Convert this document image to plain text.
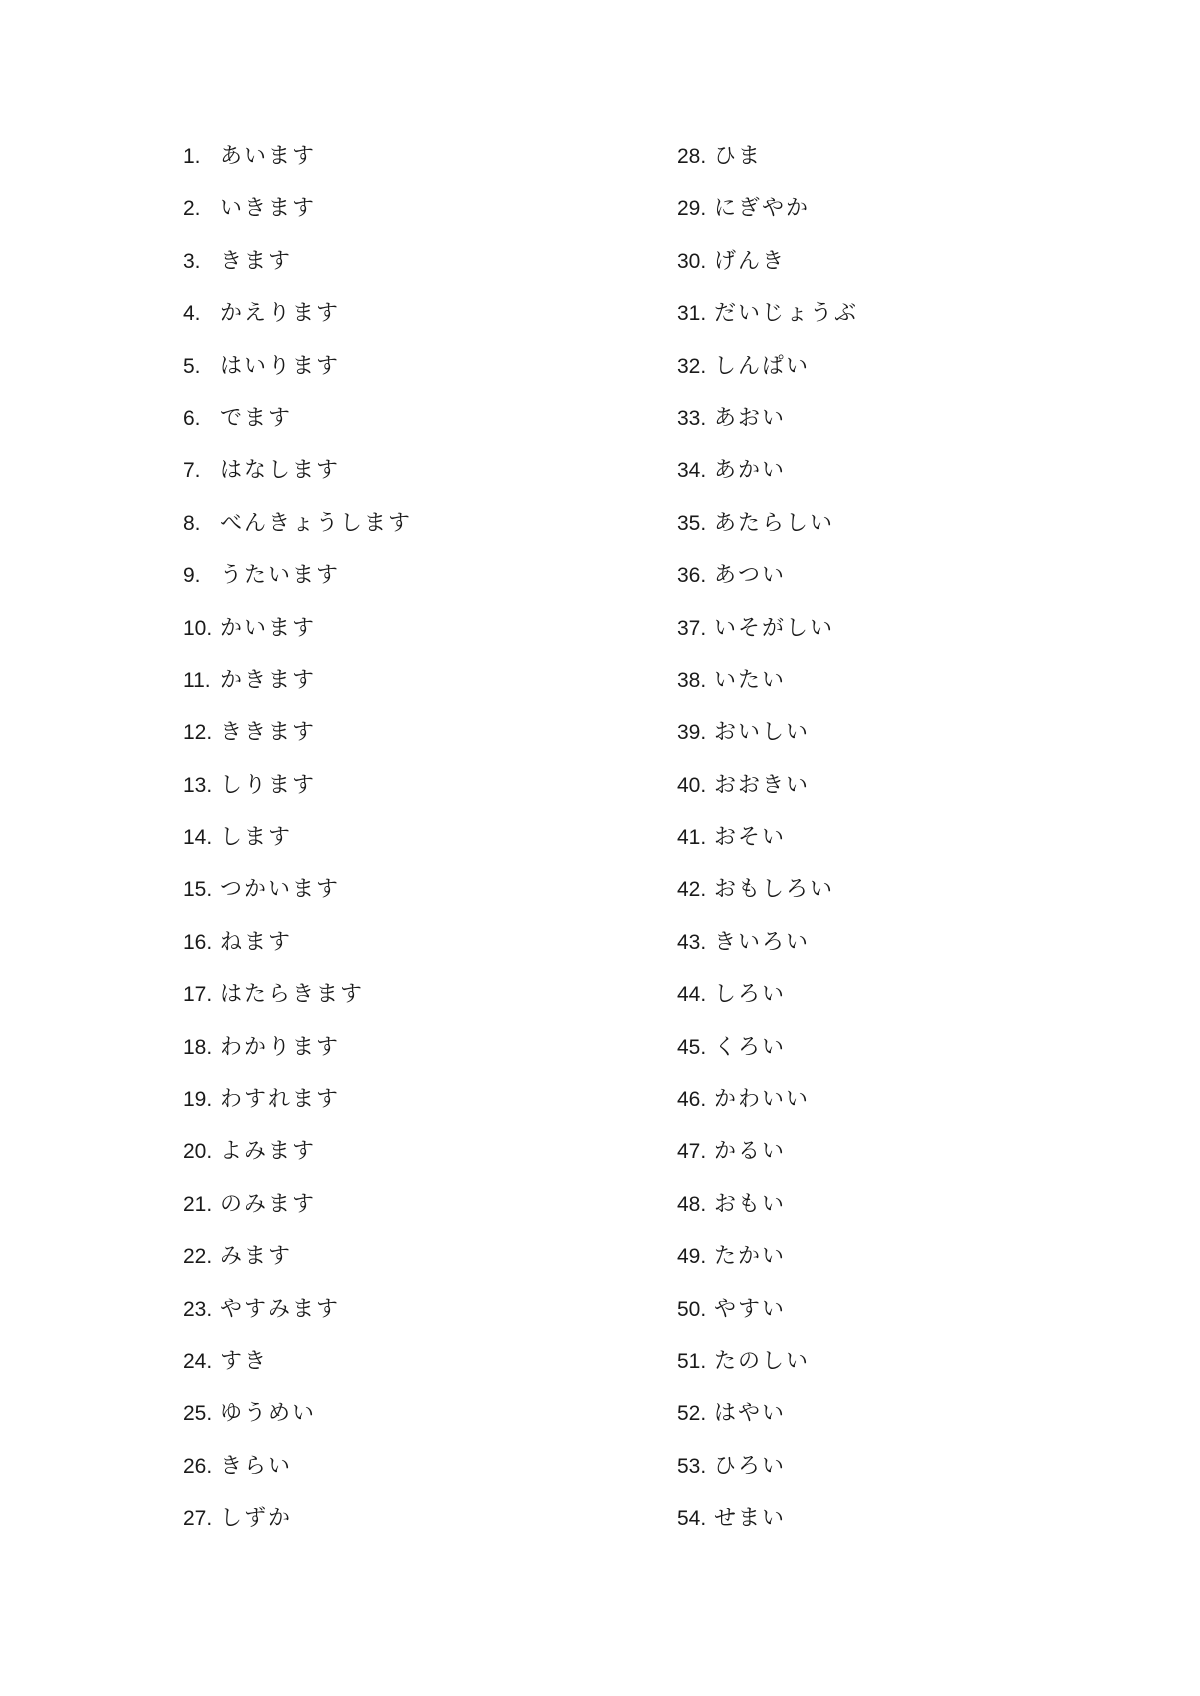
1. あいます
2. いきます
3. きます
4. かえります
5. はいります
6. でます
7. はなします
8. べんきょうします
9. うたいます
10. かいます
11. かきます
12. ききます
13. しります
14. します
15. つかいます
16. ねます
17. はたらきます
18. わかります
19. わすれます
20. よみます
21. のみます
22. みます
23. やすみます
24. すき
25. ゆうめい
26. きらい
27. しずか
28. ひま
29. にぎやか
30. げんき
31. だいじょうぶ
32. しんぱい
33. あおい
34. あかい
35. あたらしい
36. あつい
37. いそがしい
38. いたい
39. おいしい
40. おおきい
41. おそい
42. おもしろい
43. きいろい
44. しろい
45. くろい
46. かわいい
47. かるい
48. おもい
49. たかい
50. やすい
51. たのしい
52. はやい
53. ひろい
54. せまい
